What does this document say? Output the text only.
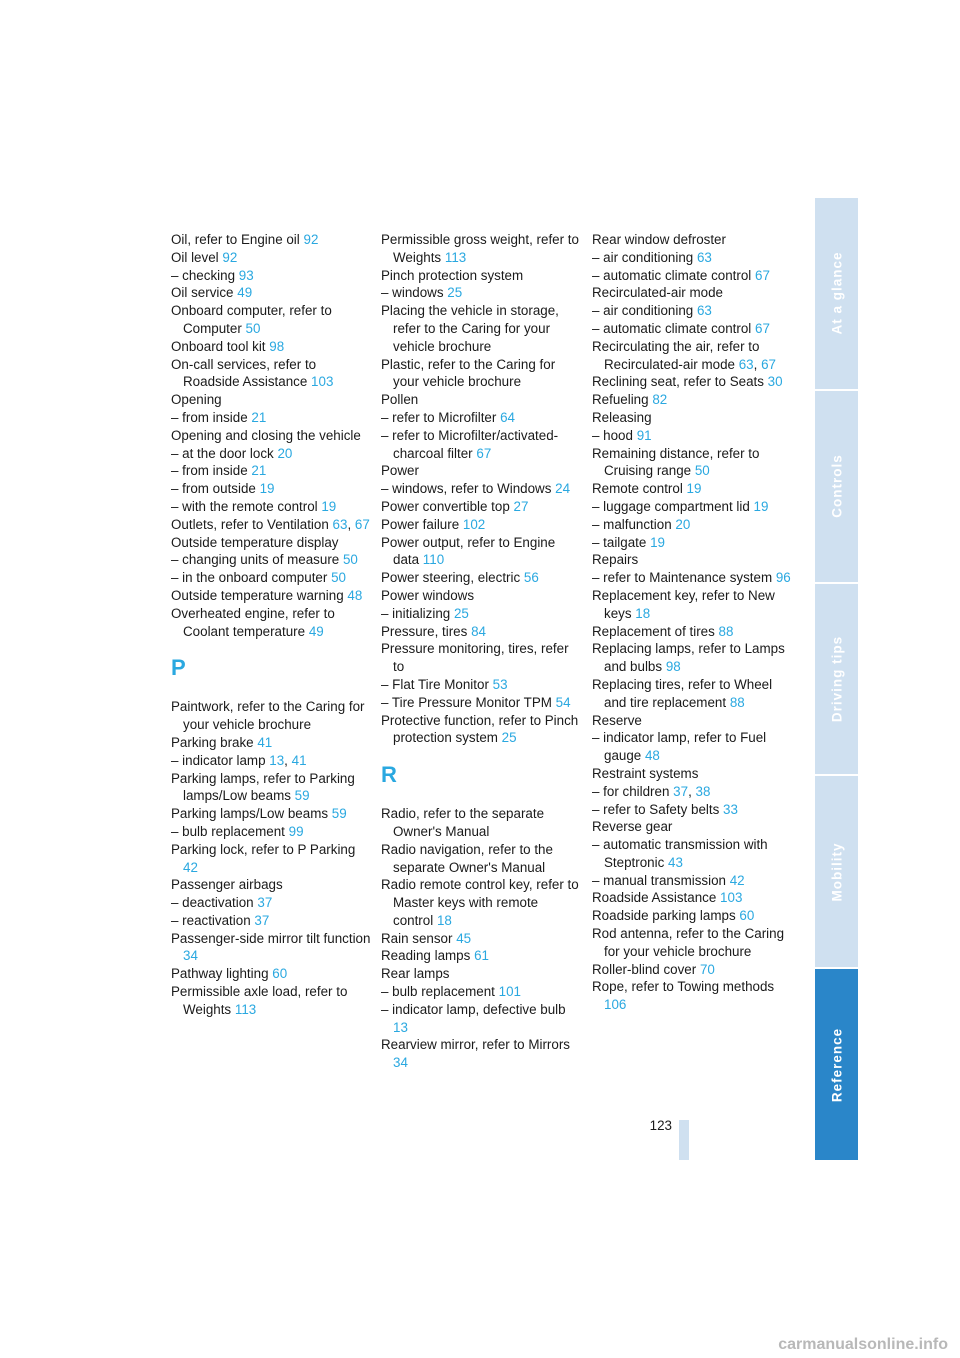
Oil, refer to Engine oil 92
Oil level 92
– checking 93
Oil service 49
Onboard computer, refer to Computer 50
Onboard tool kit 98
On-call services, refer to Roadside Assistance 103
Opening
– from inside 21
Opening and closing the vehicle
– at the door lock 20
– from inside 21
– from outside 19
– with the remote control 19
Outlets, refer to Ventilation 63, 67
Outside temperature display
– changing units of measure 50
– in the onboard computer 50
Outside temperature warning 48
Overheated engine, refer to Coolant temperature 49
P
Paintwork, refer to the Caring for your vehicle brochure
Parking brake 41
– indicator lamp 13, 41
Parking lamps, refer to Parking lamps/Low beams 59
Parking lamps/Low beams 59
– bulb replacement 99
Parking lock, refer to P Parking 42
Passenger airbags
– deactivation 37
– reactivation 37
Passenger-side mirror tilt function 34
Pathway lighting 60
Permissible axle load, refer to Weights 113
Permissible gross weight, refer to Weights 113
Pinch protection system
– windows 25
Placing the vehicle in storage, refer to the Caring for your vehicle brochure
Plastic, refer to the Caring for your vehicle brochure
Pollen
– refer to Microfilter 64
– refer to Microfilter/activated-charcoal filter 67
Power
– windows, refer to Windows 24
Power convertible top 27
Power failure 102
Power output, refer to Engine data 110
Power steering, electric 56
Power windows
– initializing 25
Pressure, tires 84
Pressure monitoring, tires, refer to
– Flat Tire Monitor 53
– Tire Pressure Monitor TPM 54
Protective function, refer to Pinch protection system 25
R
Radio, refer to the separate Owner's Manual
Radio navigation, refer to the separate Owner's Manual
Radio remote control key, refer to Master keys with remote control 18
Rain sensor 45
Reading lamps 61
Rear lamps
– bulb replacement 101
– indicator lamp, defective bulb 13
Rearview mirror, refer to Mirrors 34
Rear window defroster
– air conditioning 63
– automatic climate control 67
Recirculated-air mode
– air conditioning 63
– automatic climate control 67
Recirculating the air, refer to Recirculated-air mode 63, 67
Reclining seat, refer to Seats 30
Refueling 82
Releasing
– hood 91
Remaining distance, refer to Cruising range 50
Remote control 19
– luggage compartment lid 19
– malfunction 20
– tailgate 19
Repairs
– refer to Maintenance system 96
Replacement key, refer to New keys 18
Replacement of tires 88
Replacing lamps, refer to Lamps and bulbs 98
Replacing tires, refer to Wheel and tire replacement 88
Reserve
– indicator lamp, refer to Fuel gauge 48
Restraint systems
– for children 37, 38
– refer to Safety belts 33
Reverse gear
– automatic transmission with Steptronic 43
– manual transmission 42
Roadside Assistance 103
Roadside parking lamps 60
Rod antenna, refer to the Caring for your vehicle brochure
Roller-blind cover 70
Rope, refer to Towing methods 106
At a glance
Controls
Driving tips
Mobility
Reference
123
carmanualsonline.info
